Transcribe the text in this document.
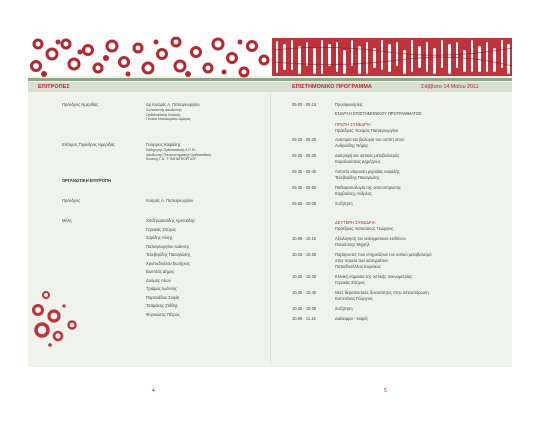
ΕΠΙΤΡΟΠΕΣ	ΕΠΙΣΤΗΜΟΝΙΚΟ ΠΡΟΓΡΑΜΜΑ	Σάββατο 14 Μαΐου 2011
Πρόεδρος Ημερίδας	Δρ Κοσμάς Α. Παπαγεωργίου
Συντονιστής Διευθυντής
Ορθοπαιδικής Κλινικής
Γενικού Νοσοκομείου Δράμας
Επίτιμος Πρόεδρος Ημερίδας	Γεώργιος Καψάλης
Καθηγητής Ορθοπαιδικής Α.Π.Θ. -
Διευθυντής Πανεπιστημιακής Ορθοπαιδικής
Κλινικής Γ.Ν. "Γ.ΠΑΠΑΓΕΩΡΓΙΟΥ"
ΟΡΓΑΝΩΤΙΚΗ ΕΠΙΤΡΟΠΗ
Πρόεδρος	Κοσμάς Α. Παπαγεωργίου
Μέλη	Χατζηιωαννίδης Αριστείδης
Γερακάς Σπύρος
Σαρίδης Αλκης
Παπαγεωργίου Ιωάννης
Τελεβερίδης Παναγιώτης
Χριστοδούλου Σωτήριος
Βουτσάς Δήμος
Δούμας Λέων
Τριάμας Ιωάννης
Παρισιάδου Σοφία
Τσαμάκης Στάθης
Φορκιώτης Πέτρος
4
09.00 - 09.15	Προσφωνήσεις
ΕΝΑΡΞΗ ΕΠΙΣΤΗΜΟΝΙΚΟΥ ΠΡΟΓΡΑΜΜΑΤΟΣ
ΠΡΩΤΗ ΣΥΝΕΔΡΙΑ
Πρόεδρος: Κοσμάς Παπαγεωργίου
09.15 - 09.25	Ανατομία και βιολογία του οστίτη ιστού
Ανδρεάδης Θάμης
09.25 - 09.35	Διατροφή και οστικός μεταβολισμός
Καραλιούσκος Δημήτριος
09.35 - 09.45	Άσηπτη νέκρωση μηριαίας κεφαλής
Τελεβερίδης Παναγιώτης
09.45 - 09.55	Παθοφυσιολογία της οστεοπόρωσης
Καρβούνης Ανδρέας
09.55 - 10.05	Συζήτηση
ΔΕΥΤΕΡΗ ΣΥΝΕΔΡΙΑ
Πρόεδρος: Καπετάνος Γεώργιος
10.05 - 10.15	Αξιολόγηση του καταγματικού κινδύνου
Ποτούπνης Μιχαήλ
10.15 - 10.25	Παράγοντες που επηρεάζουν τον οστικό μεταβολισμό
στην πορεία των καταγμάτων
Παπαδοσέλλου Κυριάκος
10.25 - 10.35	Κλινική σημασία της οστικής πυκνομετρίας
Γερακάς Σπύρος
10.35 - 10.45	Νέες θεραπευτικές δυνατότητες στην οστεοπόρωση
Καπετάνος Γεώργιος
10.45 - 10.55	Συζήτηση
10.55 - 11.15	Διάλειμμα - Καφές
5
